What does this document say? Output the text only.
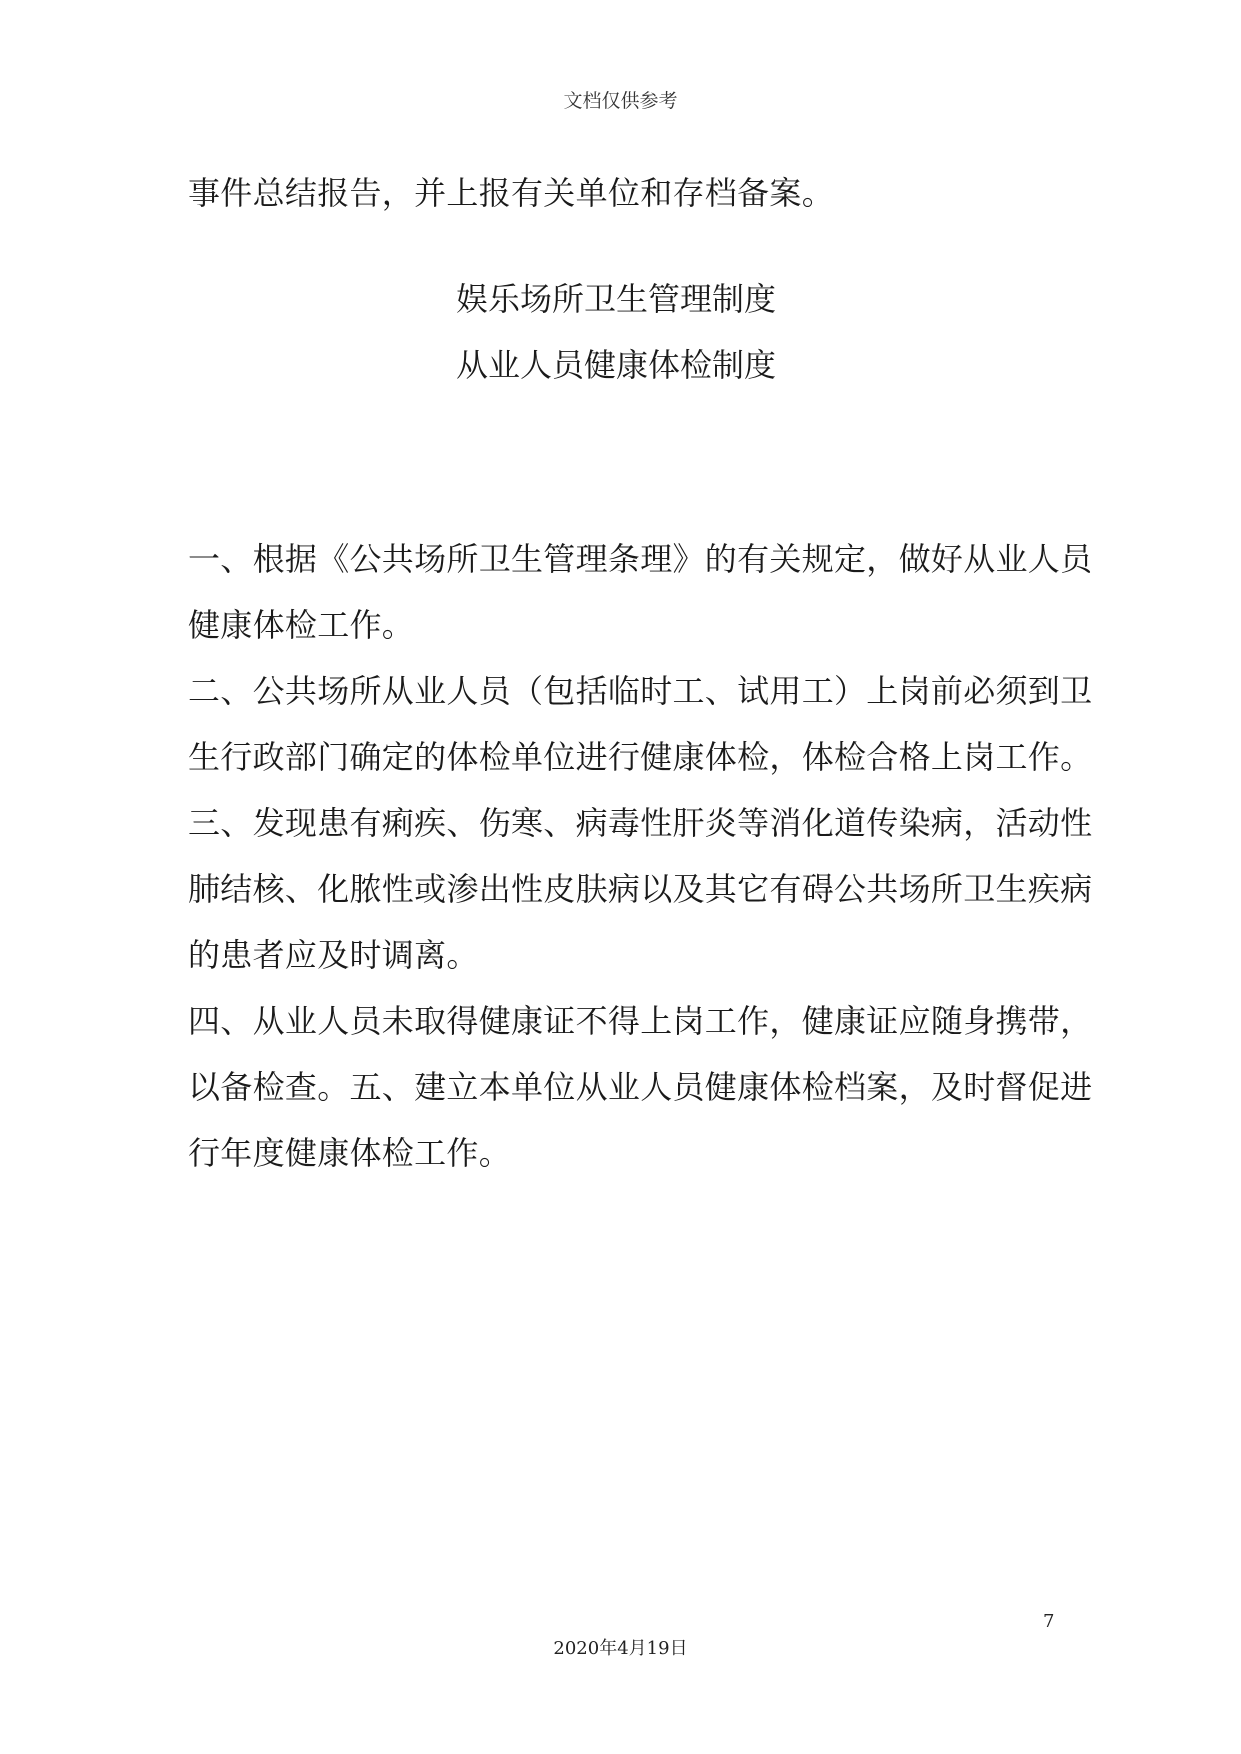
文档仅供参考
事件总结报告，并上报有关单位和存档备案。
娱乐场所卫生管理制度
从业人员健康体检制度
一、根据《公共场所卫生管理条理》的有关规定，做好从业人员
健康体检工作。
二、公共场所从业人员（包括临时工、试用工）上岗前必须到卫
生行政部门确定的体检单位进行健康体检，体检合格上岗工作。
三、发现患有痢疾、伤寒、病毒性肝炎等消化道传染病，活动性
肺结核、化脓性或渗出性皮肤病以及其它有碍公共场所卫生疾病
的患者应及时调离。
四、从业人员未取得健康证不得上岗工作，健康证应随身携带，
以备检查。五、建立本单位从业人员健康体检档案，及时督促进
行年度健康体检工作。
7
2020年4月19日
